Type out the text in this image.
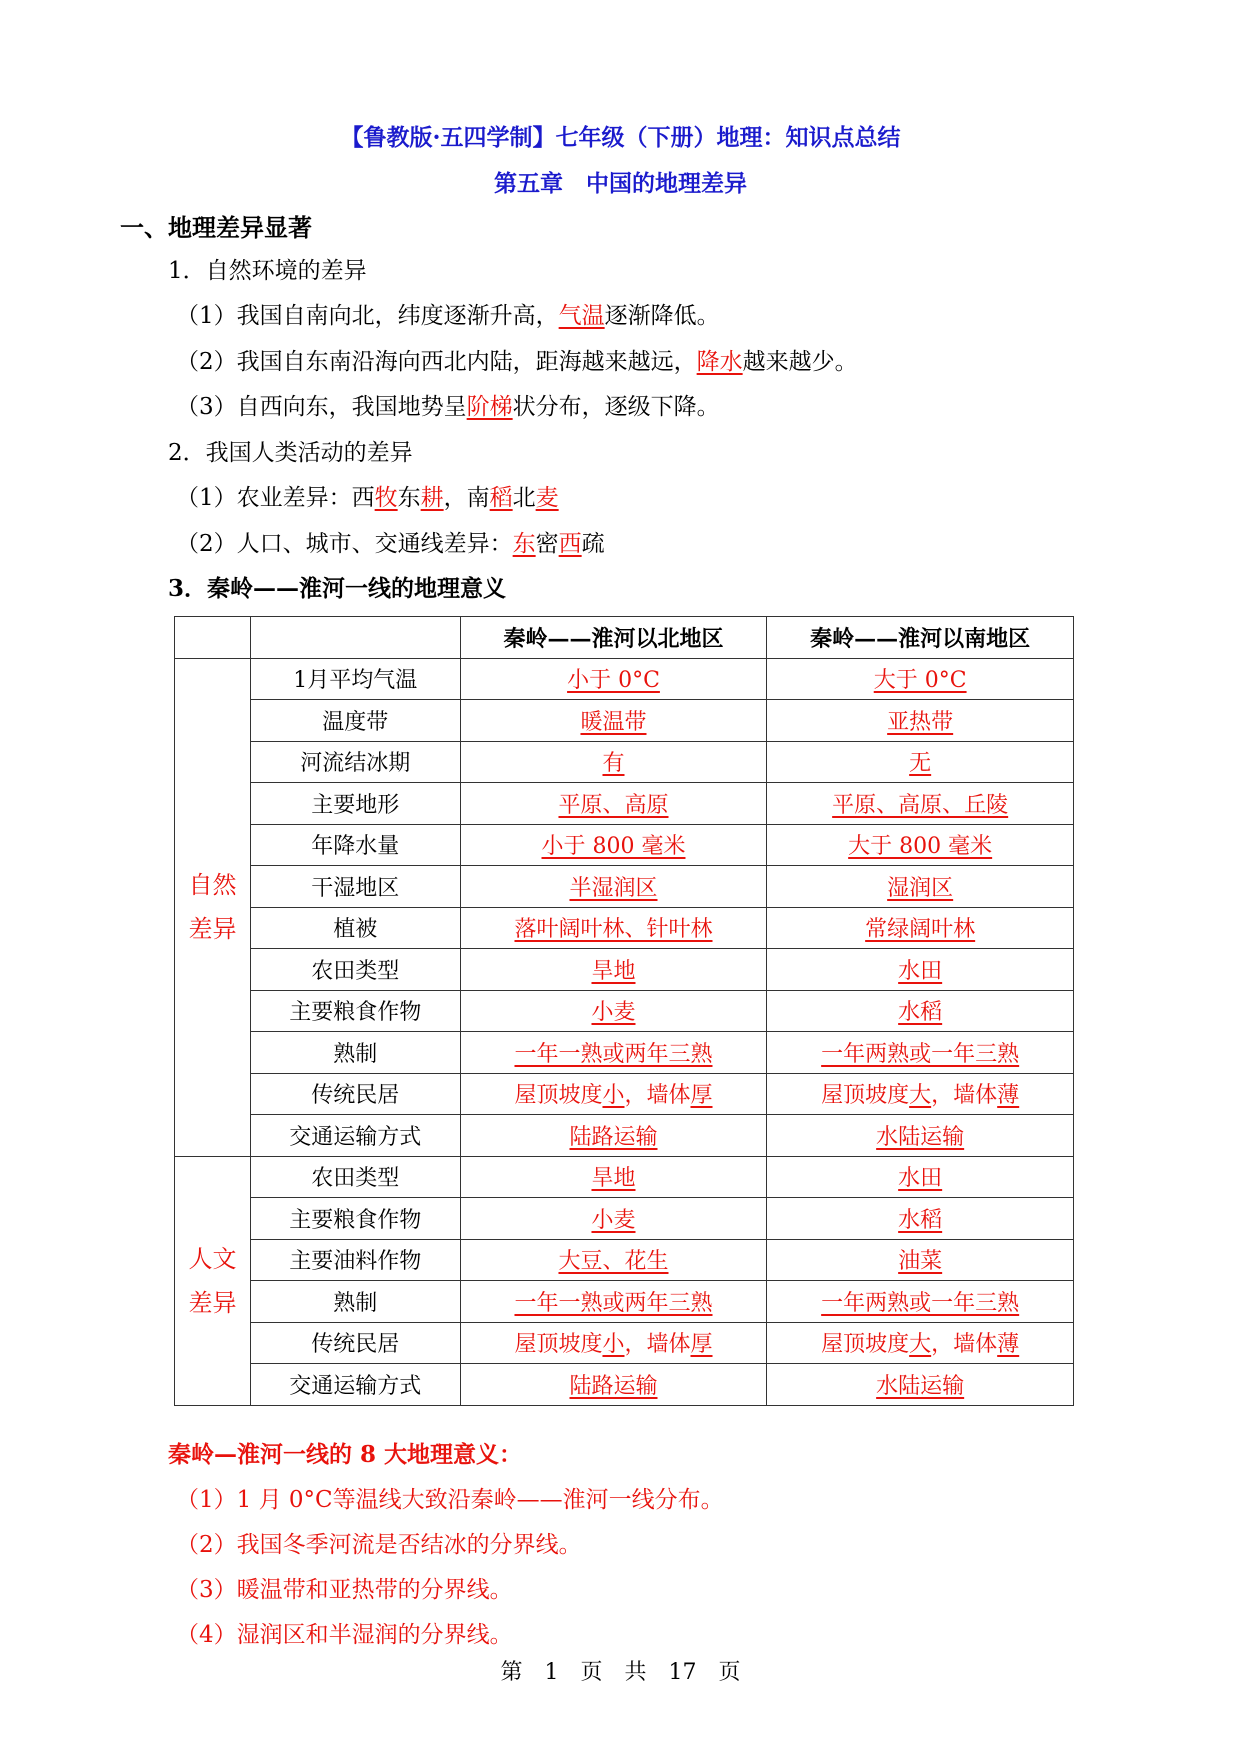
【鲁教版·五四学制】七年级（下册）地理：知识点总结
第五章　中国的地理差异
一、地理差异显著
1．自然环境的差异
（1）我国自南向北，纬度逐渐升高，气温逐渐降低。
（2）我国自东南沿海向西北内陆，距海越来越远，降水越来越少。
（3）自西向东，我国地势呈阶梯状分布，逐级下降。
2．我国人类活动的差异
（1）农业差异：西牧东耕，南稻北麦
（2）人口、城市、交通线差异：东密西疏
3．秦岭——淮河一线的地理意义
		秦岭——淮河以北地区	秦岭——淮河以南地区

自然
差异	1月平均气温	小于 0°C	大于 0°C
	温度带	暖温带	亚热带
	河流结冰期	有	无
	主要地形	平原、高原	平原、高原、丘陵
	年降水量	小于 800 毫米	大于 800 毫米
	干湿地区	半湿润区	湿润区
	植被	落叶阔叶林、针叶林	常绿阔叶林
	农田类型	旱地	水田
	主要粮食作物	小麦	水稻
	熟制	一年一熟或两年三熟	一年两熟或一年三熟
	传统民居	屋顶坡度小，墙体厚	屋顶坡度大，墙体薄
	交通运输方式	陆路运输	水陆运输

人文
差异	农田类型	旱地	水田
	主要粮食作物	小麦	水稻
	主要油料作物	大豆、花生	油菜
	熟制	一年一熟或两年三熟	一年两熟或一年三熟
	传统民居	屋顶坡度小，墙体厚	屋顶坡度大，墙体薄
	交通运输方式	陆路运输	水陆运输
秦岭—淮河一线的 8 大地理意义：
（1）1 月 0°C等温线大致沿秦岭——淮河一线分布。
（2）我国冬季河流是否结冰的分界线。
（3）暖温带和亚热带的分界线。
（4）湿润区和半湿润的分界线。
第　1　页　共　17　页
